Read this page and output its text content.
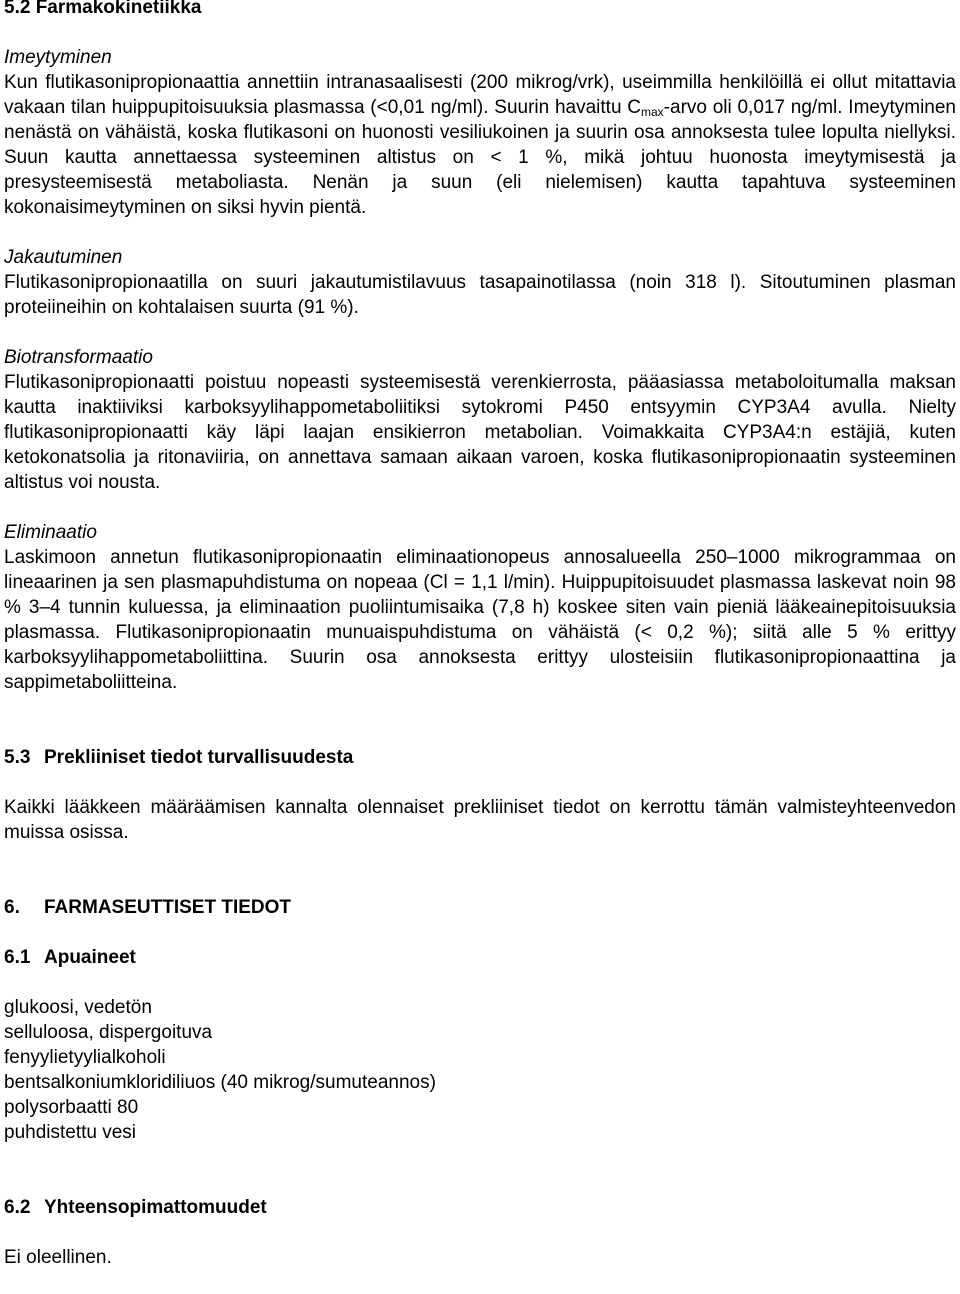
5.2 Farmakokinetiikka
Imeytyminen

Kun flutikasonipropionaattia annettiin intranasaalisesti (200 mikrog/vrk), useimmilla henkilöillä ei ollut mitattavia vakaan tilan huippupitoisuuksia plasmassa (<0,01 ng/ml). Suurin havaittu $C_{max}$-arvo oli 0,017 ng/ml. Imeytyminen nenästä on vähäistä, koska flutikasoni on huonosti vesiliukoinen ja suurin osa annoksesta tulee lopulta niellyksi. Suun kautta annettaessa systeeminen altistus on < 1 %, mikä johtuu huonosta imeytymisestä ja presysteemisestä metaboliasta. Nenän ja suun (eli nielemisen) kautta tapahtuva systeeminen kokonaisimeytyminen on siksi hyvin pientä.

Jakautuminen

Flutikasonipropionaatilla on suuri jakautumistilavuus tasapainotilassa (noin 318 l). Sitoutuminen plasman proteiineihin on kohtalaisen suurta (91 %).

Biotransformaatio

Flutikasonipropionaatti poistuu nopeasti systeemisestä verenkierrosta, pääasiassa metaboloitumalla maksan kautta inaktiiviksi karboksyylihappometaboliitiksi sytokromi P450 entsyymin CYP3A4 avulla. Nielty flutikasonipropionaatti käy läpi laajan ensikierron metabolian. Voimakkaita CYP3A4:n estäjiä, kuten ketokonatsolia ja ritonaviiria, on annettava samaan aikaan varoen, koska flutikasonipropionaatin systeeminen altistus voi nousta.

Eliminaatio

Laskimoon annetun flutikasonipropionaatin eliminaationopeus annosalueella 250–1000 mikrogrammaa on lineaarinen ja sen plasmapuhdistuma on nopeaa (Cl = 1,1 l/min). Huippupitoisuudet plasmassa laskevat noin 98 % 3–4 tunnin kuluessa, ja eliminaation puoliintumisaika (7,8 h) koskee siten vain pieniä lääkeainepitoisuuksia plasmassa. Flutikasonipropionaatin munuaispuhdistuma on vähäistä (< 0,2 %); siitä alle 5 % erittyy karboksyylihappometaboliittina. Suurin osa annoksesta erittyy ulosteisiin flutikasonipropionaattina ja sappimetaboliitteina.

5.3 Prekliiniset tiedot turvallisuudesta

Kaikki lääkkeen määräämisen kannalta olennaiset prekliiniset tiedot on kerrottu tämän valmisteyhteenvedon muissa osissa.

6. FARMASEUTTISET TIEDOT
6.1 Apuaineet
glukoosi, vedetön
selluloosa, dispergoituva
fenyylietyylialkoholi
bentsalkoniumkloridiliuos (40 mikrog/sumuteannos)
polysorbaatti 80
puhdistettu vesi
6.2 Yhteensopimattomuudet

Ei oleellinen.
